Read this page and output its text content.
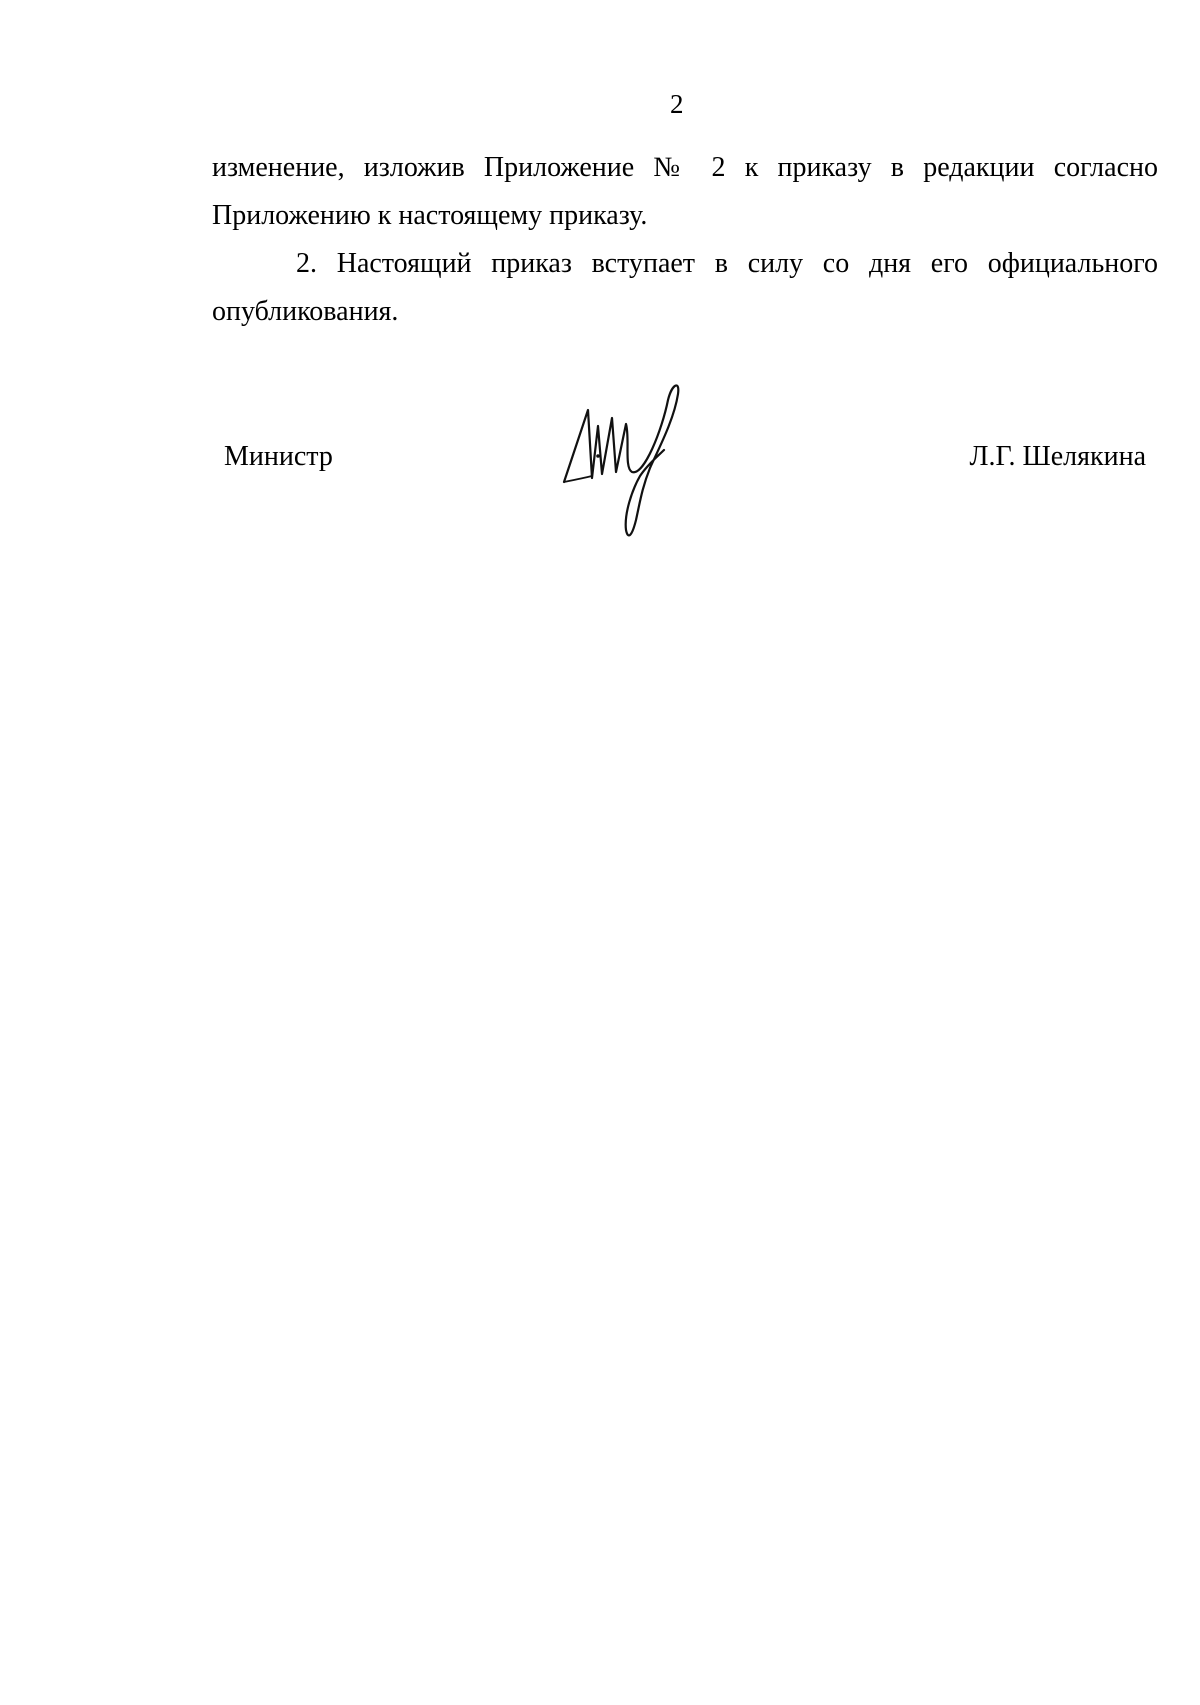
2
изменение, изложив Приложение № 2 к приказу в редакции согласно
Приложению к настоящему приказу.
2. Настоящий приказ вступает в силу со дня его официального
опубликования.
Министр	Л.Г. Шелякина
